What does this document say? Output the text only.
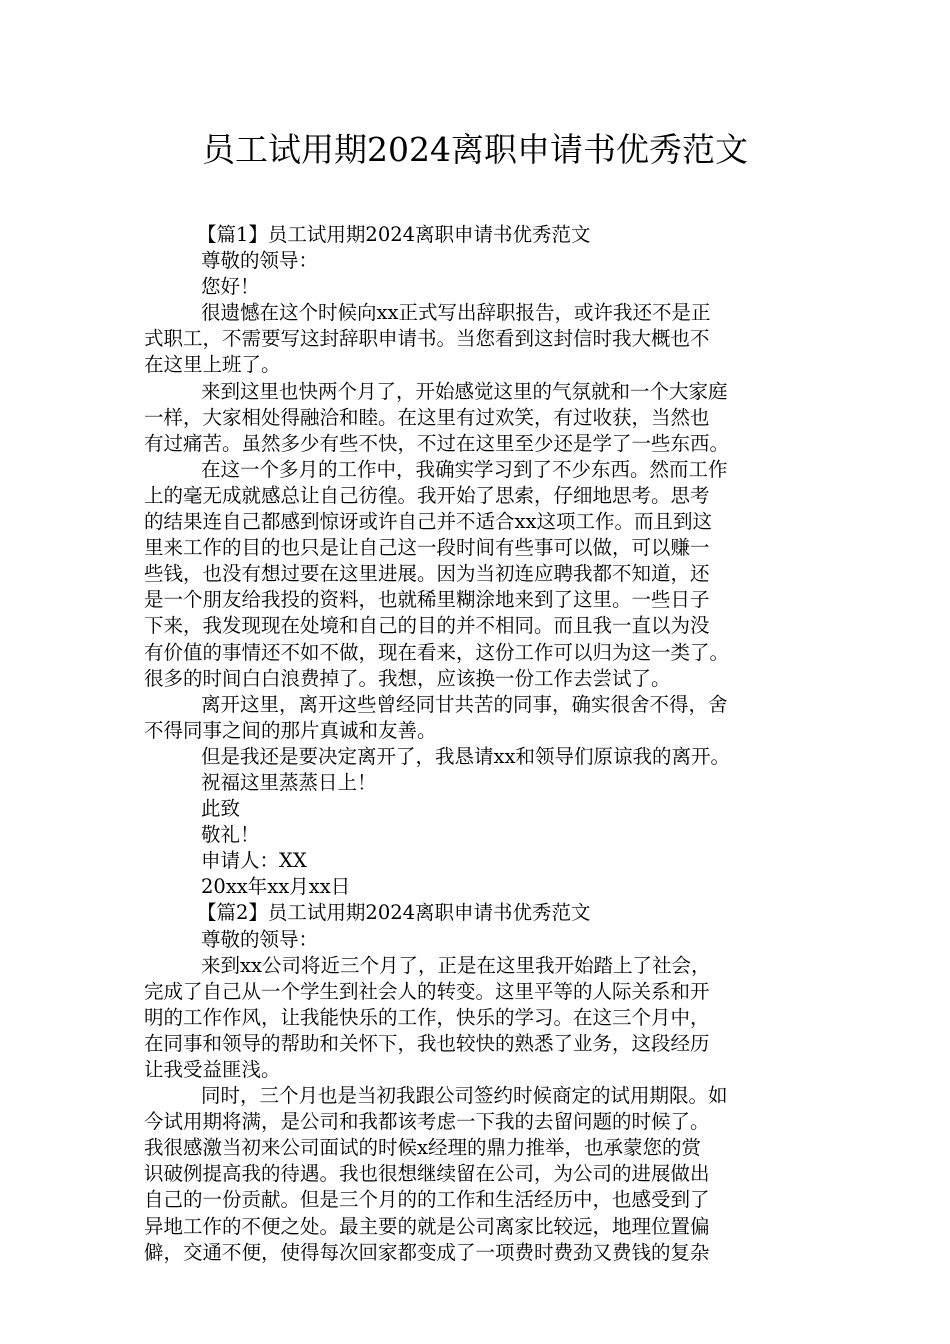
员工试用期2024离职申请书优秀范文
【篇1】员工试用期2024离职申请书优秀范文
尊敬的领导：
您好！
很遗憾在这个时候向xx正式写出辞职报告，或许我还不是正
式职工，不需要写这封辞职申请书。当您看到这封信时我大概也不
在这里上班了。
来到这里也快两个月了，开始感觉这里的气氛就和一个大家庭
一样，大家相处得融洽和睦。在这里有过欢笑，有过收获，当然也
有过痛苦。虽然多少有些不快，不过在这里至少还是学了一些东西。
在这一个多月的工作中，我确实学习到了不少东西。然而工作
上的毫无成就感总让自己彷徨。我开始了思索，仔细地思考。思考
的结果连自己都感到惊讶或许自己并不适合xx这项工作。而且到这
里来工作的目的也只是让自己这一段时间有些事可以做，可以赚一
些钱，也没有想过要在这里进展。因为当初连应聘我都不知道，还
是一个朋友给我投的资料，也就稀里糊涂地来到了这里。一些日子
下来，我发现现在处境和自己的目的并不相同。而且我一直以为没
有价值的事情还不如不做，现在看来，这份工作可以归为这一类了。
很多的时间白白浪费掉了。我想，应该换一份工作去尝试了。
离开这里，离开这些曾经同甘共苦的同事，确实很舍不得，舍
不得同事之间的那片真诚和友善。
但是我还是要决定离开了，我恳请xx和领导们原谅我的离开。
祝福这里蒸蒸日上！
此致
敬礼！
申请人：XX
20xx年xx月xx日
【篇2】员工试用期2024离职申请书优秀范文
尊敬的领导：
来到xx公司将近三个月了，正是在这里我开始踏上了社会，
完成了自己从一个学生到社会人的转变。这里平等的人际关系和开
明的工作作风，让我能快乐的工作，快乐的学习。在这三个月中，
在同事和领导的帮助和关怀下，我也较快的熟悉了业务，这段经历
让我受益匪浅。
同时，三个月也是当初我跟公司签约时候商定的试用期限。如
今试用期将满，是公司和我都该考虑一下我的去留问题的时候了。
我很感激当初来公司面试的时候x经理的鼎力推举，也承蒙您的赏
识破例提高我的待遇。我也很想继续留在公司，为公司的进展做出
自己的一份贡献。但是三个月的的工作和生活经历中，也感受到了
异地工作的不便之处。最主要的就是公司离家比较远，地理位置偏
僻，交通不便，使得每次回家都变成了一项费时费劲又费钱的复杂
